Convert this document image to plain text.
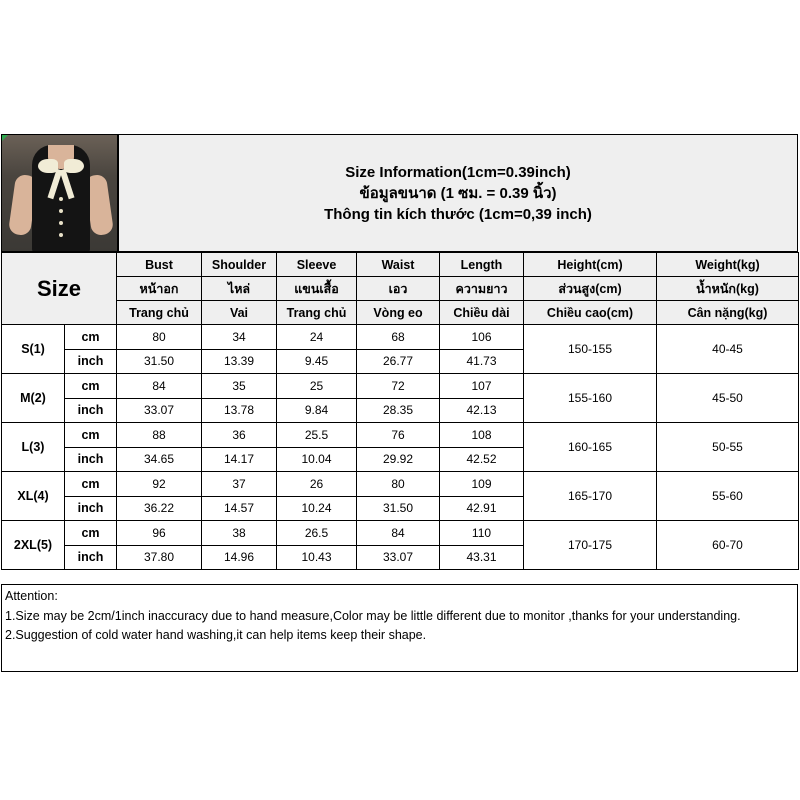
Size Information(1cm=0.39inch)
ข้อมูลขนาด (1 ซม. = 0.39 นิ้ว)
Thông tin kích thước (1cm=0,39 inch)
Size		Bust	Shoulder	Sleeve	Waist	Length	Height(cm)	Weight(kg)
		หน้าอก	ไหล่	แขนเสื้อ	เอว	ความยาว	ส่วนสูง(cm)	น้ำหนัก(kg)
		Trang chủ	Vai	Trang chủ	Vòng eo	Chiều dài	Chiều cao(cm)	Cân nặng(kg)
S(1)	cm	80	34	24	68	106	150-155	40-45
	inch	31.50	13.39	9.45	26.77	41.73		
M(2)	cm	84	35	25	72	107	155-160	45-50
	inch	33.07	13.78	9.84	28.35	42.13		
L(3)	cm	88	36	25.5	76	108	160-165	50-55
	inch	34.65	14.17	10.04	29.92	42.52		
XL(4)	cm	92	37	26	80	109	165-170	55-60
	inch	36.22	14.57	10.24	31.50	42.91		
2XL(5)	cm	96	38	26.5	84	110	170-175	60-70
	inch	37.80	14.96	10.43	33.07	43.31		
Attention:
1.Size may be 2cm/1inch inaccuracy due to hand measure,Color may be little different due to monitor ,thanks for your understanding.
2.Suggestion of cold water hand washing,it can help items keep their shape.
